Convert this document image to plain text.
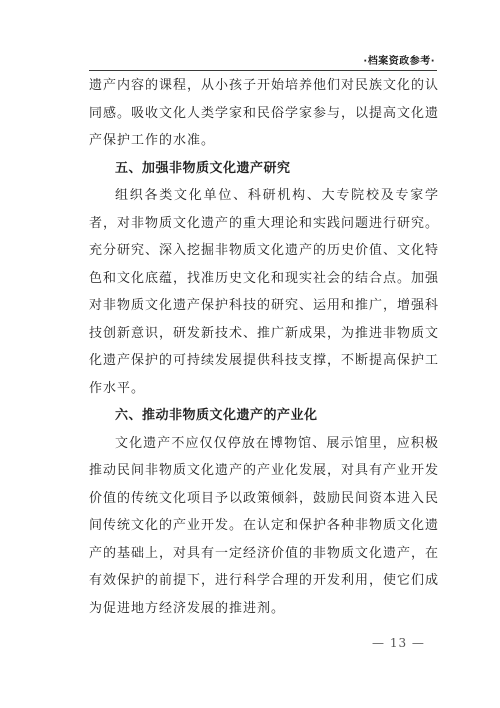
·档案资政参考·

遗产内容的课程，从小孩子开始培养他们对民族文化的认同感。吸收文化人类学家和民俗学家参与，以提高文化遗产保护工作的水准。

五、加强非物质文化遗产研究

组织各类文化单位、科研机构、大专院校及专家学者，对非物质文化遗产的重大理论和实践问题进行研究。充分研究、深入挖掘非物质文化遗产的历史价值、文化特色和文化底蕴，找准历史文化和现实社会的结合点。加强对非物质文化遗产保护科技的研究、运用和推广，增强科技创新意识，研发新技术、推广新成果，为推进非物质文化遗产保护的可持续发展提供科技支撑，不断提高保护工作水平。

六、推动非物质文化遗产的产业化

文化遗产不应仅仅停放在博物馆、展示馆里，应积极推动民间非物质文化遗产的产业化发展，对具有产业开发价值的传统文化项目予以政策倾斜，鼓励民间资本进入民间传统文化的产业开发。在认定和保护各种非物质文化遗产的基础上，对具有一定经济价值的非物质文化遗产，在有效保护的前提下，进行科学合理的开发利用，使它们成为促进地方经济发展的推进剂。

— 13 —
